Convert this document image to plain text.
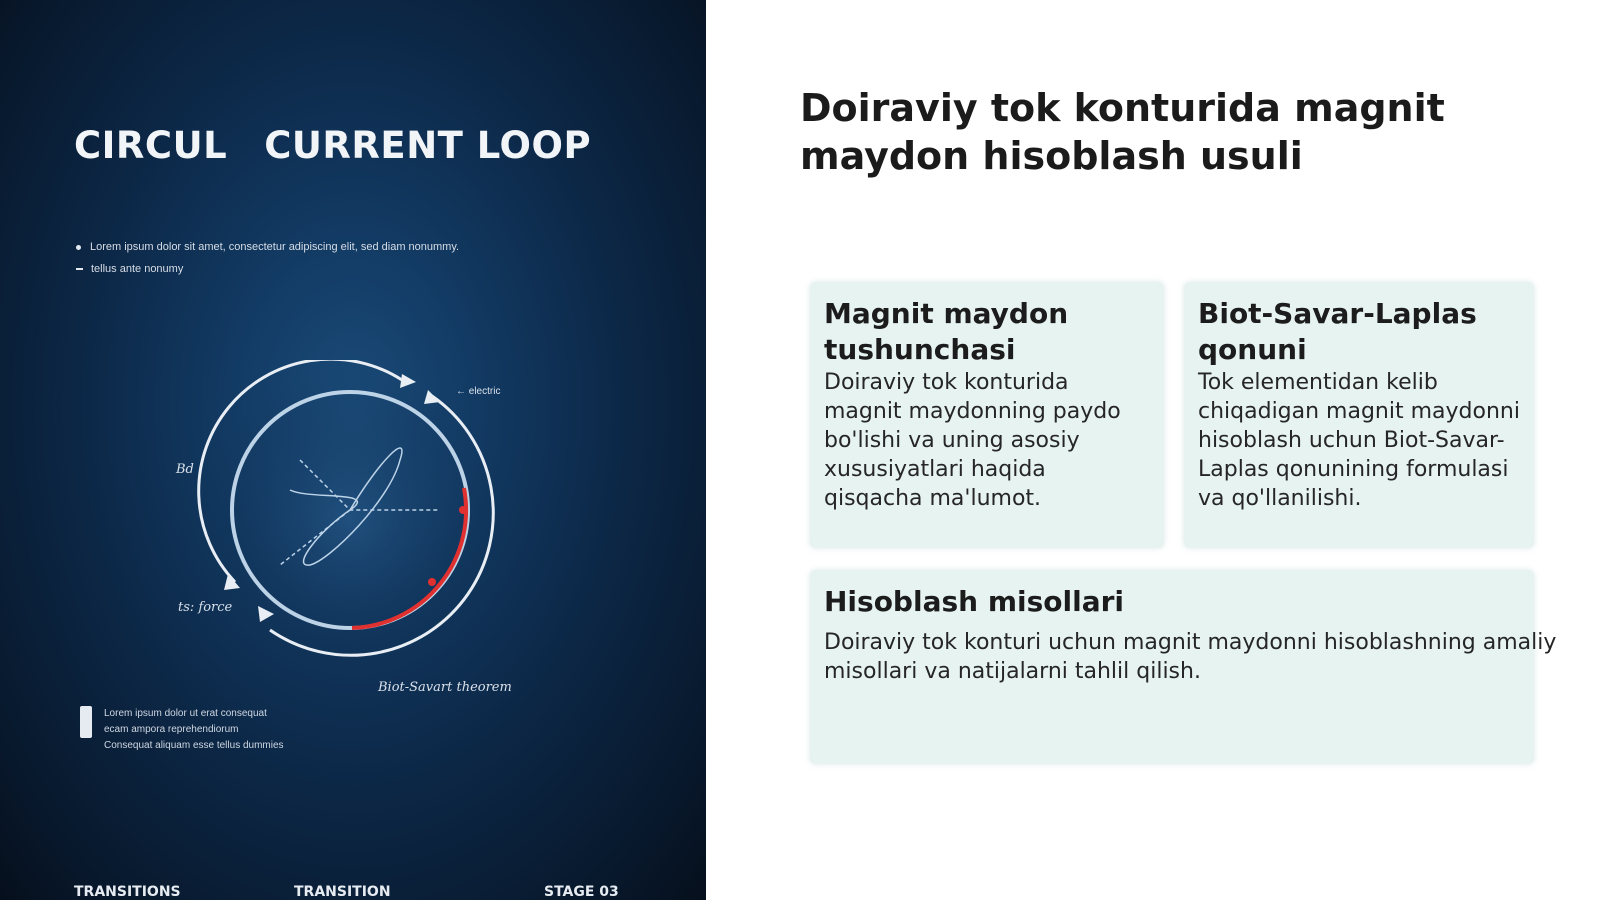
CIRCUL    CURRENT LOOP
Lorem ipsum dolor sit amet, consectetur adipiscing elit, sed diam nonummy.
tellus ante nonumy
← electric
Bd
ts: force
Biot-Savart theorem
Lorem ipsum dolor ut erat consequat
ecam ampora reprehendiorum
Consequat aliquam esse tellus dummies
TRANSITIONS	TRANSITION	STAGE 03
Doiraviy tok konturida magnit maydon hisoblash usuli
Magnit maydon tushunchasi
Doiraviy tok konturida magnit maydonning paydo bo'lishi va uning asosiy xususiyatlari haqida qisqacha ma'lumot.
Biot-Savar-Laplas qonuni
Tok elementidan kelib chiqadigan magnit maydonni hisoblash uchun Biot-Savar-Laplas qonunining formulasi va qo'llanilishi.
Hisoblash misollari
Doiraviy tok konturi uchun magnit maydonni hisoblashning amaliy
misollari va natijalarni tahlil qilish.
